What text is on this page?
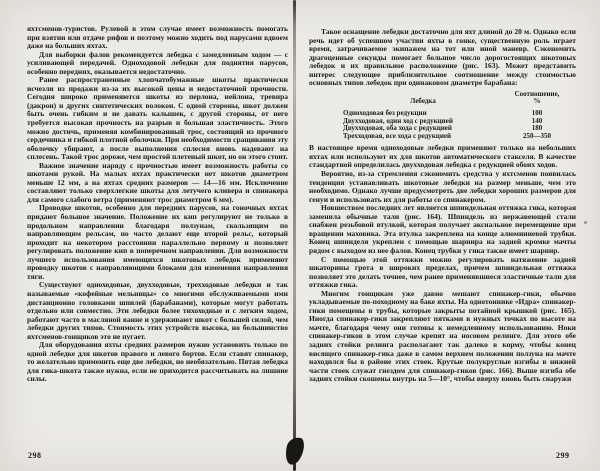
яхтсменов-туристов. Рулевой в этом случае имеет возможность помогать при взятии или отдаче рифов и поэтому можно ходить под парусами вдвоем даже на больших яхтах.

Для выборки фалов рекомендуется лебедка с замедленным ходом — с усиливающей передачей. Одноходовой лебедки для поднятия парусов, особенно передних, оказывается недостаточно.

Ранее распространенные хлопчатобумажные шкоты практически исчезли из продажи из-за их высокой цены и недостаточной прочности. Сегодня широко применяются шкоты из перлона, нейлона, тревира (дакрон) и других синтетических волокон. С одной стороны, шкот должен быть очень гибким и не давать калышек, с другой стороны, от него требуется высокая прочность на разрыв и большая эластичность. Этого можно достичь, применяя комбинированный трос, состоящий из прочного сердечника и гибкой плотной оболочки. При необходимости сращивания эту оболочку убирают, а после выполнения сплесня вновь надевают на сплесень. Такой трос дороже, чем простой плетеный шкот, но он этого стоит.

Важное значение наряду с прочностью имеет возможность работы со шкотами рукой. На малых яхтах практически нет шкотов диаметром меньше 12 мм, а на яхтах средних размеров — 14—16 мм. Исключение составляют только сверхлегкие шкоты для летучего кливера и спинакера для самого слабого ветра (применяют трос диаметром 6 мм).

Проводке шкотов, особенно для передних парусов, на гоночных яхтах придают большое значение. Положение их кип регулируют не только в продольном направлении благодаря ползунам, скользящим по направляющим рельсам, но часто делают еще второй рельс, который проходит на некотором расстоянии параллельно первому и позволяет регулировать положение кип в поперечном направлении. Для возможности лучшего использования имеющихся шкотовых лебедок применяют проводку шкотов с направляющими блоками для изменения направления тяги.

Существуют одноходовые, двухходовые, трехходовые лебедки и так называемые «кофейные мельницы» со многими обслуживаемыми ими дистанционно головками шпилей (барабанами), которые могут работать отдельно или совместно. Эти лебедки более тихоходные и с легким ходом, работают часто в масляной ванне и удерживают шкот с большей силой, чем лебедки других типов. Стоимость этих устройств высока, но большинство яхтсменов-гонщиков это не пугает.

Для оборудования яхты средних размеров нужно установить только по одной лебедке для шкотов правого и левого бортов. Если ставят спинакер, то желательно применить еще две лебедки, но необязательно. Пятая лебедка для гика-шкота также нужна, если не приходится рассчитывать на лишние силы.

Такое оснащение лебедки достаточно для яхт длиной до 20 м. Однако если речь идет об успешном участии яхты в гонке, существенную роль играет время, затрачиваемое экипажем на тот или иной маневр. Сэкономить драгоценные секунды помогает большое число дорогостоящих шкотовых лебедок и их правильное расположение (рис. 163). Может представить интерес следующее приблизительное соотношение между стоимостью основных типов лебедок при одинаковом диаметре барабана:

Лебедка
Соотношение,
%
Одноходовая без редукции	100
Двухходовая, один ход с редукцией	140
Двухходовая, оба хода с редукцией	180
Трехходовая, все хода с редукцией	250—350

В настоящее время одноходовые лебедки применяют только на небольших яхтах или используют их для шкотов автоматического стакселя. В качестве стандартной определилась двухходовая лебедка с редукцией обоих ходов.

Вероятно, из-за стремления сэкономить средства у яхтсменов появилась тенденция устанавливать шкотовые лебедки на размер меньше, чем это необходимо. Однако лучше предусмотреть две лебедки хороших размеров для генуи и использовать их для работы со спинакером.

Новшеством последних лет является шпиндельная оттяжка гика, которая заменила обычные тали (рис. 164). Шпиндель из нержавеющей стали снабжен резьбовой втулкой, которая получает аксиальное перемещение при вращении маховика. Эта втулка закреплена на конце алюминиевой трубки. Конец шпинделя укреплен с помощью шарнира на задней кромке мачты рядом с выходом из нее фалов. Конец трубки у гика также имеет шарнир.

С помощью этой оттяжки можно регулировать натяжение задней шкаторины грота в широких пределах, причем шпиндельная оттяжка позволяет это делать точнее, чем ранее применявшиеся эластичные тали для оттяжки гика.

Многим гонщикам уже давно мешают спинакер-гики, обычно укладываемые по-походному на баке яхты. На однотоннике «Идра» спинакер-гики помещены в трубы, которые закрыты потайной крышкой (рис. 165). Иногда спинакер-гики закрепляют пятками в нужных точках по высоте на мачте, благодаря чему они готовы к немедленному использованию. Ноки спинакер-гиков в этом случае крепят на носовом релинге. Для этого обе задних стойки релинга располагают так далеко в корму, чтобы конец висящего спинакер-гика даже в самом верхнем положении ползуна на мачте находился бы в районе этих стоек. Крутые полукруглые изгибы в нижней части стоек служат гнездом для спинакер-гиков (рис. 166). Выше изгиба обе задних стойки скошены внутрь на 5—10°, чтобы вверху вновь быть снаружи

298	299
